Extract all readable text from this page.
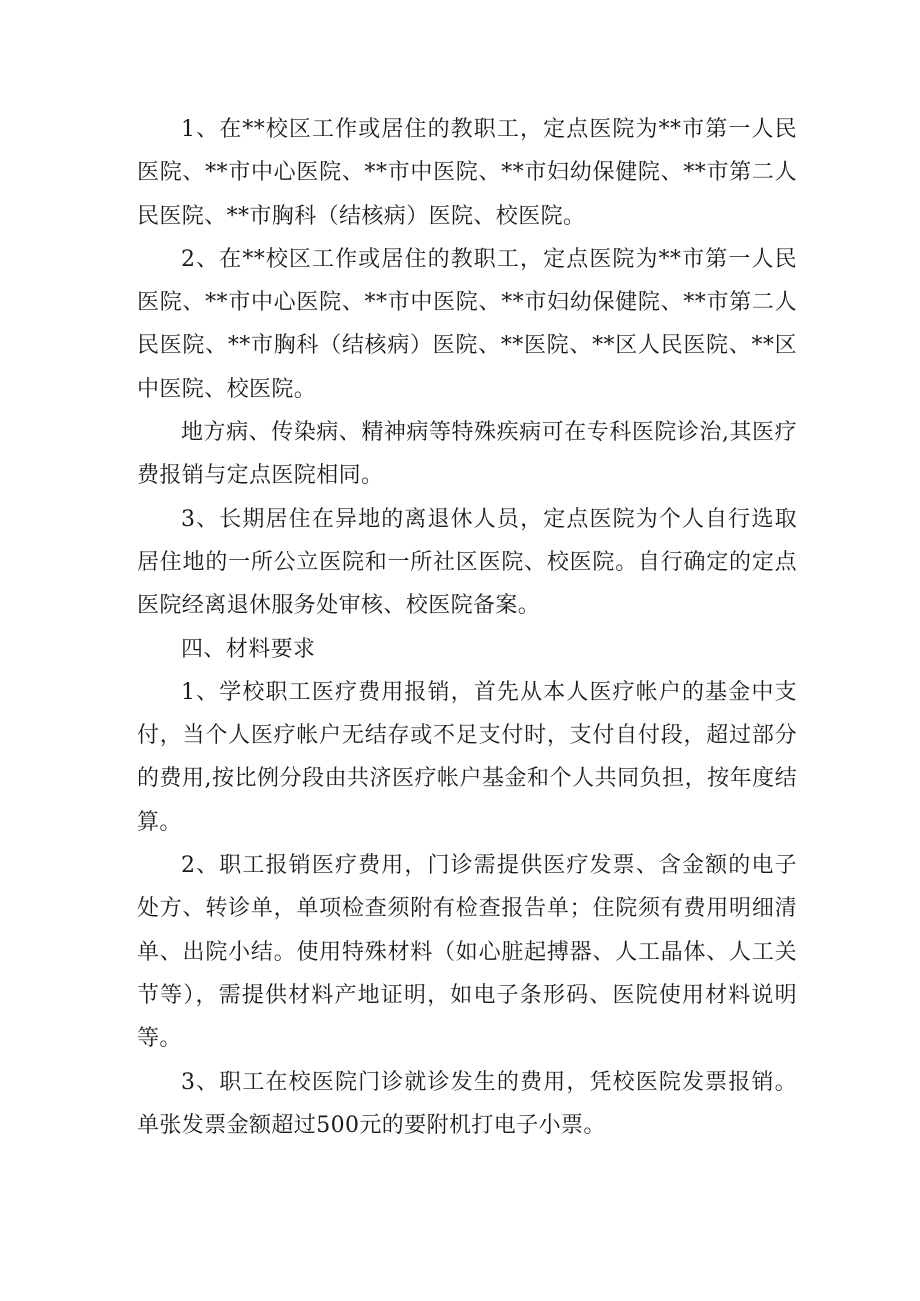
1、在**校区工作或居住的教职工，定点医院为**市第一人民医院、**市中心医院、**市中医院、**市妇幼保健院、**市第二人民医院、**市胸科（结核病）医院、校医院。

2、在**校区工作或居住的教职工，定点医院为**市第一人民医院、**市中心医院、**市中医院、**市妇幼保健院、**市第二人民医院、**市胸科（结核病）医院、**医院、**区人民医院、**区中医院、校医院。

地方病、传染病、精神病等特殊疾病可在专科医院诊治,其医疗费报销与定点医院相同。

3、长期居住在异地的离退休人员，定点医院为个人自行选取居住地的一所公立医院和一所社区医院、校医院。自行确定的定点医院经离退休服务处审核、校医院备案。

四、材料要求

1、学校职工医疗费用报销，首先从本人医疗帐户的基金中支付，当个人医疗帐户无结存或不足支付时，支付自付段，超过部分的费用,按比例分段由共济医疗帐户基金和个人共同负担，按年度结算。

2、职工报销医疗费用，门诊需提供医疗发票、含金额的电子处方、转诊单，单项检查须附有检查报告单；住院须有费用明细清单、出院小结。使用特殊材料（如心脏起搏器、人工晶体、人工关节等），需提供材料产地证明，如电子条形码、医院使用材料说明等。

3、职工在校医院门诊就诊发生的费用，凭校医院发票报销。单张发票金额超过500元的要附机打电子小票。
